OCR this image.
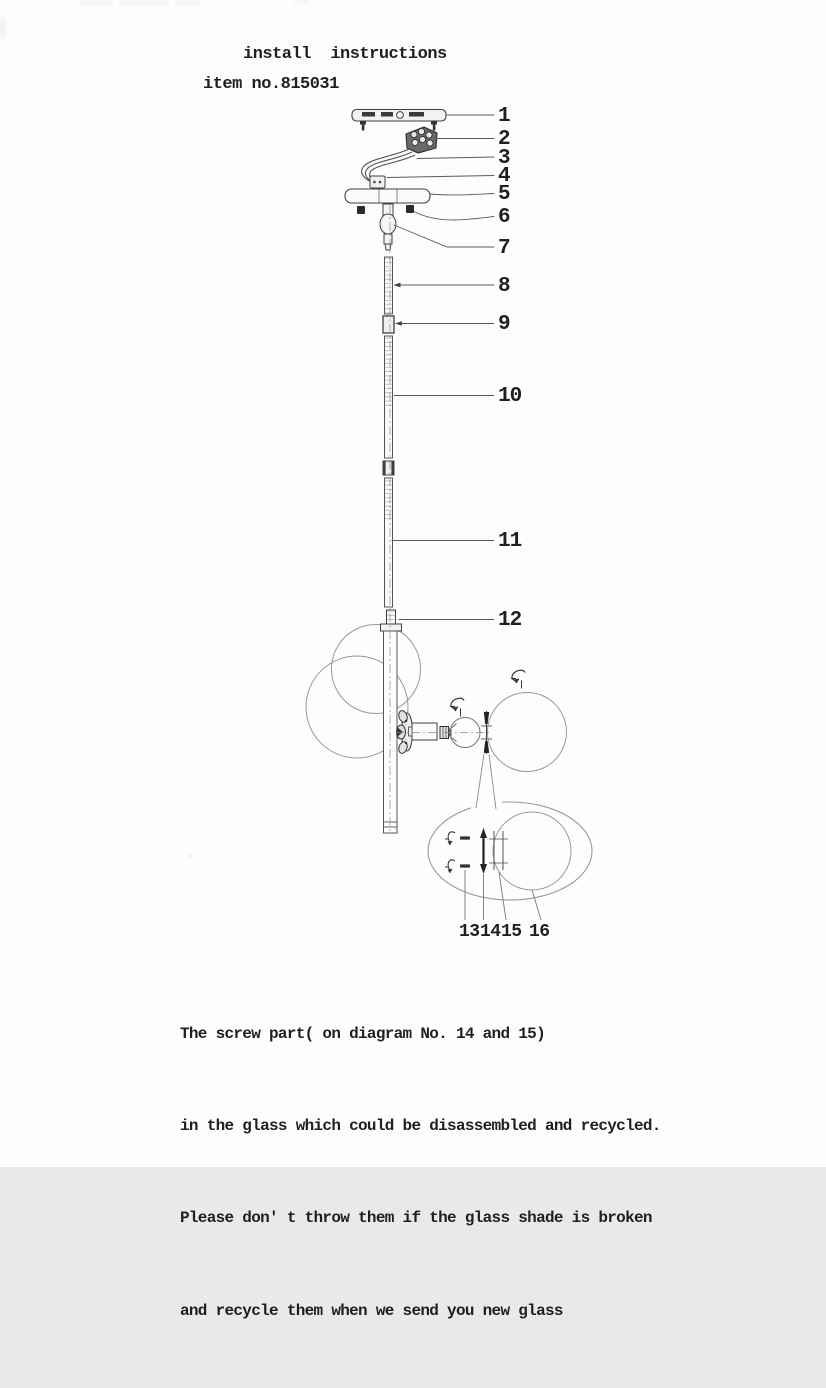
install  instructions
item no.815031
1
2
3
4
5
6
7
8
9
10
11
12
13 14 15 16

The screw part( on diagram No. 14 and 15)

in the glass which could be disassembled and recycled.

Please don' t throw them if the glass shade is broken

and recycle them when we send you new glass
